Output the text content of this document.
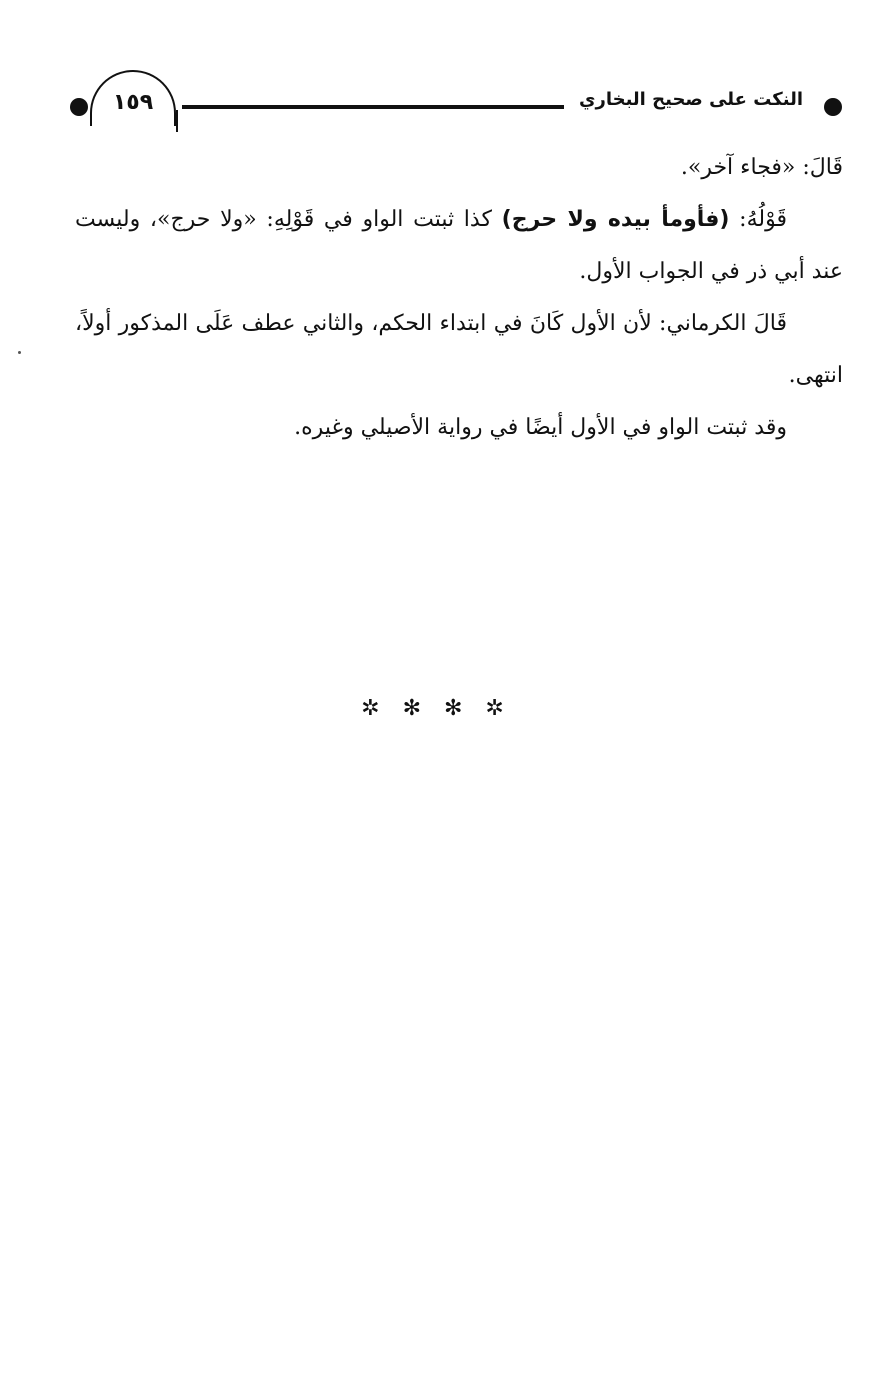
١٥٩	النكت على صحيح البخاري

قَالَ: «فجاء آخر».

قَوْلُهُ: (فأومأ بيده ولا حرج) كذا ثبتت الواو في قَوْلِهِ: «ولا حرج»، وليست عند أبي ذر في الجواب الأول.

قَالَ الكرماني: لأن الأول كَانَ في ابتداء الحكم، والثاني عطف عَلَى المذكور أولاً، انتهى.

وقد ثبتت الواو في الأول أيضًا في رواية الأصيلي وغيره.

✲ ✻ ✻ ✲
